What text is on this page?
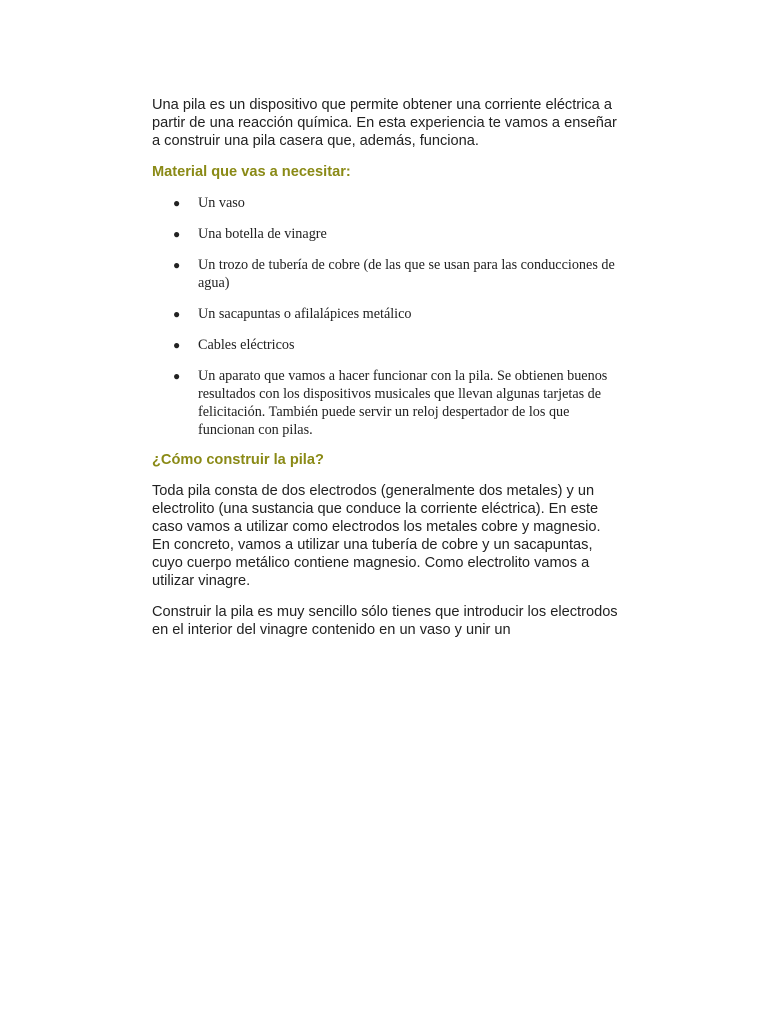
Una pila es un dispositivo que permite obtener una corriente eléctrica a partir de una reacción química. En esta experiencia te vamos a enseñar a construir una pila casera que, además, funciona.

Material que vas a necesitar:
● Un vaso
● Una botella de vinagre
● Un trozo de tubería de cobre (de las que se usan para las conducciones de agua)
● Un sacapuntas o afilalápices metálico
● Cables eléctricos
● Un aparato que vamos a hacer funcionar con la pila. Se obtienen buenos resultados con los dispositivos musicales que llevan algunas tarjetas de felicitación. También puede servir un reloj despertador de los que funcionan con pilas.
¿Cómo construir la pila?

Toda pila consta de dos electrodos (generalmente dos metales) y un electrolito (una sustancia que conduce la corriente eléctrica). En este caso vamos a utilizar como electrodos los metales cobre y magnesio. En concreto, vamos a utilizar una tubería de cobre y un sacapuntas, cuyo cuerpo metálico contiene magnesio. Como electrolito vamos a utilizar vinagre.

Construir la pila es muy sencillo sólo tienes que introducir los electrodos en el interior del vinagre contenido en un vaso y unir un
